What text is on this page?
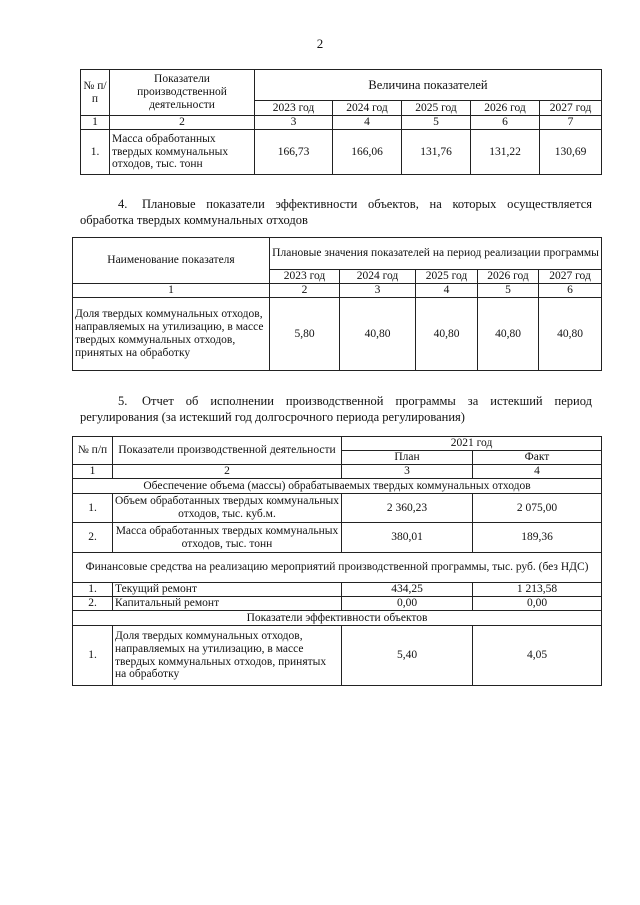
2
№ п/п	Показатели производственной деятельности	Величина показателей				
		2023 год	2024 год	2025 год	2026 год	2027 год
1	2	3	4	5	6	7
1.	Масса обработанных твердых коммунальных отходов, тыс. тонн	166,73	166,06	131,76	131,22	130,69
4. Плановые показатели эффективности объектов, на которых осуществляется обработка твердых коммунальных отходов
Наименование показателя	Плановые значения показателей на период реализации программы				
	2023 год	2024 год	2025 год	2026 год	2027 год
1	2	3	4	5	6
Доля твердых коммунальных отходов, направляемых на утилизацию, в массе твердых коммунальных отходов, принятых на обработку	5,80	40,80	40,80	40,80	40,80
5. Отчет об исполнении производственной программы за истекший период регулирования (за истекший год долгосрочного периода регулирования)
№ п/п	Показатели производственной деятельности	2021 год	
		План	Факт
1	2	3	4
Обеспечение объема (массы) обрабатываемых твердых коммунальных отходов			
1.	Объем обработанных твердых коммунальных отходов, тыс. куб.м.	2 360,23	2 075,00
2.	Масса обработанных твердых коммунальных отходов, тыс. тонн	380,01	189,36
Финансовые средства на реализацию мероприятий производственной программы, тыс. руб. (без НДС)			
1.	Текущий ремонт	434,25	1 213,58
2.	Капитальный ремонт	0,00	0,00
Показатели эффективности объектов			
1.	Доля твердых коммунальных отходов, направляемых на утилизацию, в массе твердых коммунальных отходов, принятых на обработку	5,40	4,05
